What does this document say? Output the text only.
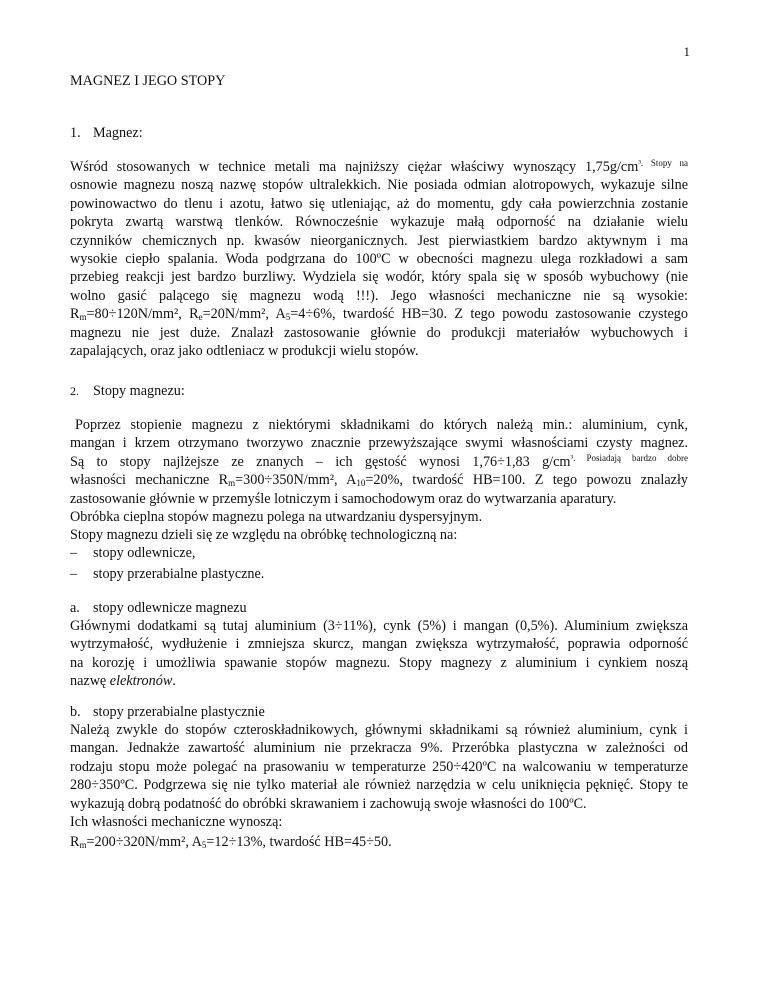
1
MAGNEZ I JEGO STOPY
1. Magnez:
Wśród stosowanych w technice metali ma najniższy ciężar właściwy wynoszący $1,75g/cm^{^3. Stopy na}$
osnowie magnezu noszą nazwę stopów ultralekkich. Nie posiada odmian alotropowych, wykazuje silne
powinowactwo do tlenu i azotu, łatwo się utleniając, aż do momentu, gdy cała powierzchnia zostanie
pokryta zwartą warstwą tlenków. Równocześnie wykazuje małą odporność na działanie wielu
czynników chemicznych np. kwasów nieorganicznych. Jest pierwiastkiem bardzo aktywnym i ma
wysokie ciepło spalania. Woda podgrzana do 100ºC w obecności magnezu ulega rozkładowi a sam
przebieg reakcji jest bardzo burzliwy. Wydziela się wodór, który spala się w sposób wybuchowy (nie
wolno gasić palącego się magnezu wodą !!!). Jego własności mechaniczne nie są wysokie:
$R_m=80\div 120N$/mm², $R_e=20N$/mm², $A_5=4\div 6\%$, twardość HB=30. Z tego powodu zastosowanie czystego
magnezu nie jest duże. Znalazł zastosowanie głównie do produkcji materiałów wybuchowych i
zapalających, oraz jako odtleniacz w produkcji wielu stopów.
2. Stopy magnezu:
Poprzez stopienie magnezu z niektórymi składnikami do których należą min.: aluminium, cynk,
mangan i krzem otrzymano tworzywo znacznie przewyższające swymi własnościami czysty magnez.
Są to stopy najlżejsze ze znanych – ich gęstość wynosi 1,76÷1,83 $g/cm^{^3. Posiadają bardzo dobre}$
własności mechaniczne $R_m=300\div 350N$/mm², $A_{10}=20\%$, twardość HB=100. Z tego powozu znalazły
zastosowanie głównie w przemyśle lotniczym i samochodowym oraz do wytwarzania aparatury.
Obróbka cieplna stopów magnezu polega na utwardzaniu dyspersyjnym.
Stopy magnezu dzieli się ze względu na obróbkę technologiczną na:
– stopy odlewnicze,
– stopy przerabialne plastyczne.
a. stopy odlewnicze magnezu
Głównymi dodatkami są tutaj aluminium (3÷11%), cynk (5%) i mangan (0,5%). Aluminium zwiększa
wytrzymałość, wydłużenie i zmniejsza skurcz, mangan zwiększa wytrzymałość, poprawia odporność
na korozję i umożliwia spawanie stopów magnezu. Stopy magnezy z aluminium i cynkiem noszą
nazwę elektronów.
b. stopy przerabialne plastycznie
Należą zwykle do stopów czteroskładnikowych, głównymi składnikami są również aluminium, cynk i
mangan. Jednakże zawartość aluminium nie przekracza 9%. Przeróbka plastyczna w zależności od
rodzaju stopu może polegać na prasowaniu w temperaturze 250÷420ºC na walcowaniu w temperaturze
280÷350ºC. Podgrzewa się nie tylko materiał ale również narzędzia w celu uniknięcia pęknięć. Stopy te
wykazują dobrą podatność do obróbki skrawaniem i zachowują swoje własności do 100ºC.
Ich własności mechaniczne wynoszą:
$R_m=200\div 320N$/mm², $A_5=12\div 13\%$, twardość HB=45÷50.
